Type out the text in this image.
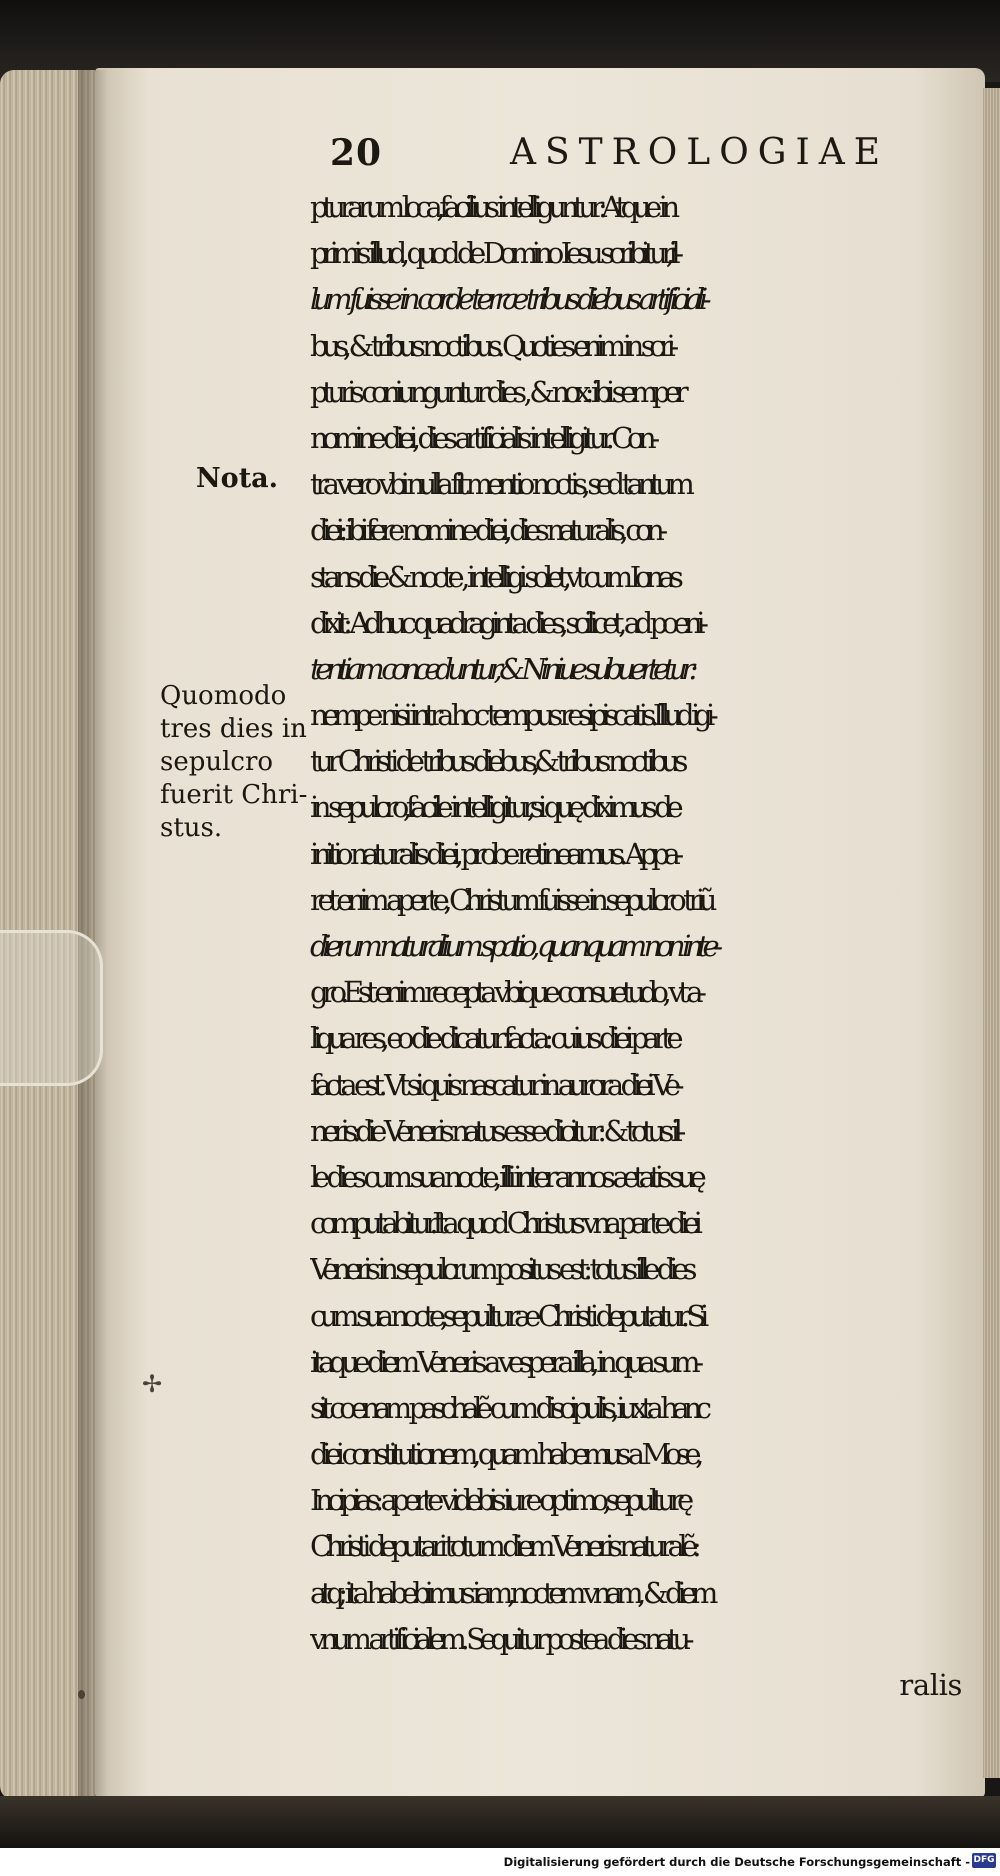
20	ASTROLOGIAE
pturarum loca,facilius intelliguntur:Atque in
primis illud, quod de Domino Iesu scribitur,il-
lum fuisse in corde terræ tribus diebus artificiali-
bus, & tribus noctibus. Quoties enim in scri-
pturis coniunguntur dies , & nox: ibi semper
nomine diei, dies artificialis intelligitur. Con-
tra vero vbi nulla fit mentio noctis, sed tantum
diei: ibi fere nomine diei, dies naturalis, con-
stans die & nocte , intelligi solet,vt cum Ionas
dixit: Adhuc quadraginta dies, scilicet, ad pœni-
tentiam conceduntur, & Niniue subuertetur:
nempe nisi intra hoc tempus resipiscatis.Illud igi-
tur Christi de tribus diebus,& tribus noctibus
in sepulcro,facile intelligitur,si quę diximus de
initio naturalis diei, probe retineamus. Appa-
ret enim aperte, Christum fuisse in sepulcro triũ
dierum naturalium spatio, quanquam non inte-
gro.Est enim recepta vbique consuetudo, vt a-
liqua res, eo die dicatur facta: cuius diei parte
facta est. Vt si quis nascatur in aurora diei Ve-
neris:die Veneris natus esse dicitur: & totus il-
le dies cum sua nocte, illi inter annos ætatis suę
computabitur.Ita quod Christus vna parte diei
Veneris in sepulcrum positus est: totus ille dies
cum sua nocte,sepulturæ Christi deputatur. Si
itaque diem Veneris a vespera illa, in qua sum-
sit cœnam paschalẽ cum discipulis, iuxta hanc
diei constitutionem, quam habemus a Mose,
Incipias: aperte videbis iure optimo,sepulturę
Christi deputari totum diem Veneris naturalẽ:
atq; ita habebimus iam,noctem vnam, & diem
vnum artificialem. Sequitur postea dies natu-
ralis
Nota.
Quomodo
tres dies in
sepulcro
fuerit Chri-
stus.
✢
Digitalisierung gefördert durch die Deutsche Forschungsgemeinschaft - DFG
